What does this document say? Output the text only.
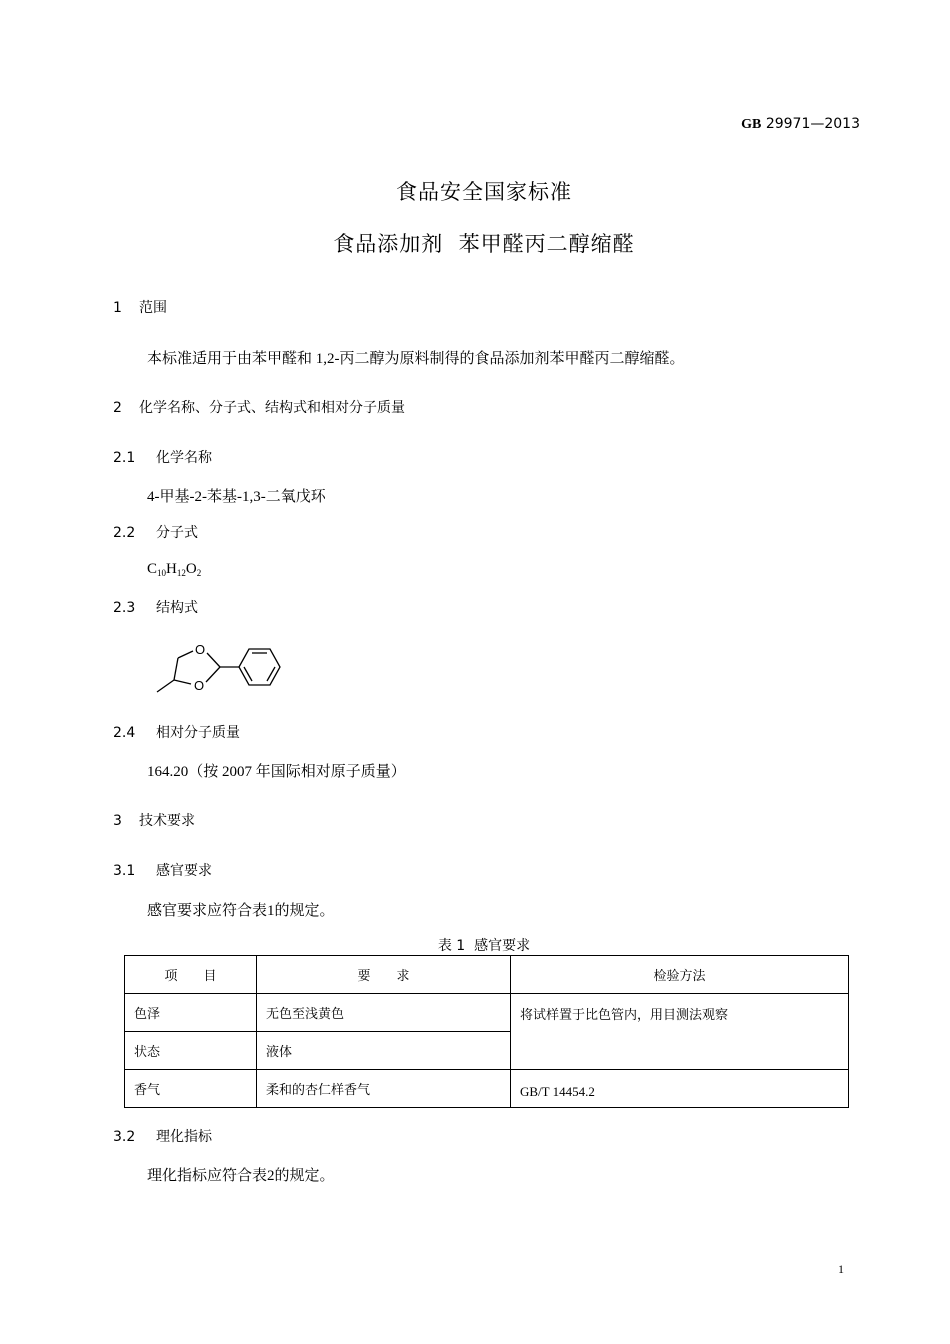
GB 29971—2013
食品安全国家标准
食品添加剂  苯甲醛丙二醇缩醛
1 范围
本标准适用于由苯甲醛和 1,2-丙二醇为原料制得的食品添加剂苯甲醛丙二醇缩醛。
2 化学名称、分子式、结构式和相对分子质量
2.1 化学名称
4-甲基-2-苯基-1,3-二氧戊环
2.2 分子式
$C_{10}H_{12}O_2$
2.3 结构式
O
O
2.4 相对分子质量
164.20（按 2007 年国际相对原子质量）
3 技术要求
3.1 感官要求
感官要求应符合表1的规定。
表 1  感官要求
项　　目	要　　求	检验方法
色泽	无色至浅黄色	将试样置于比色管内，用目测法观察
状态	液体	
香气	柔和的杏仁样香气	GB/T 14454.2
3.2 理化指标
理化指标应符合表2的规定。
1
